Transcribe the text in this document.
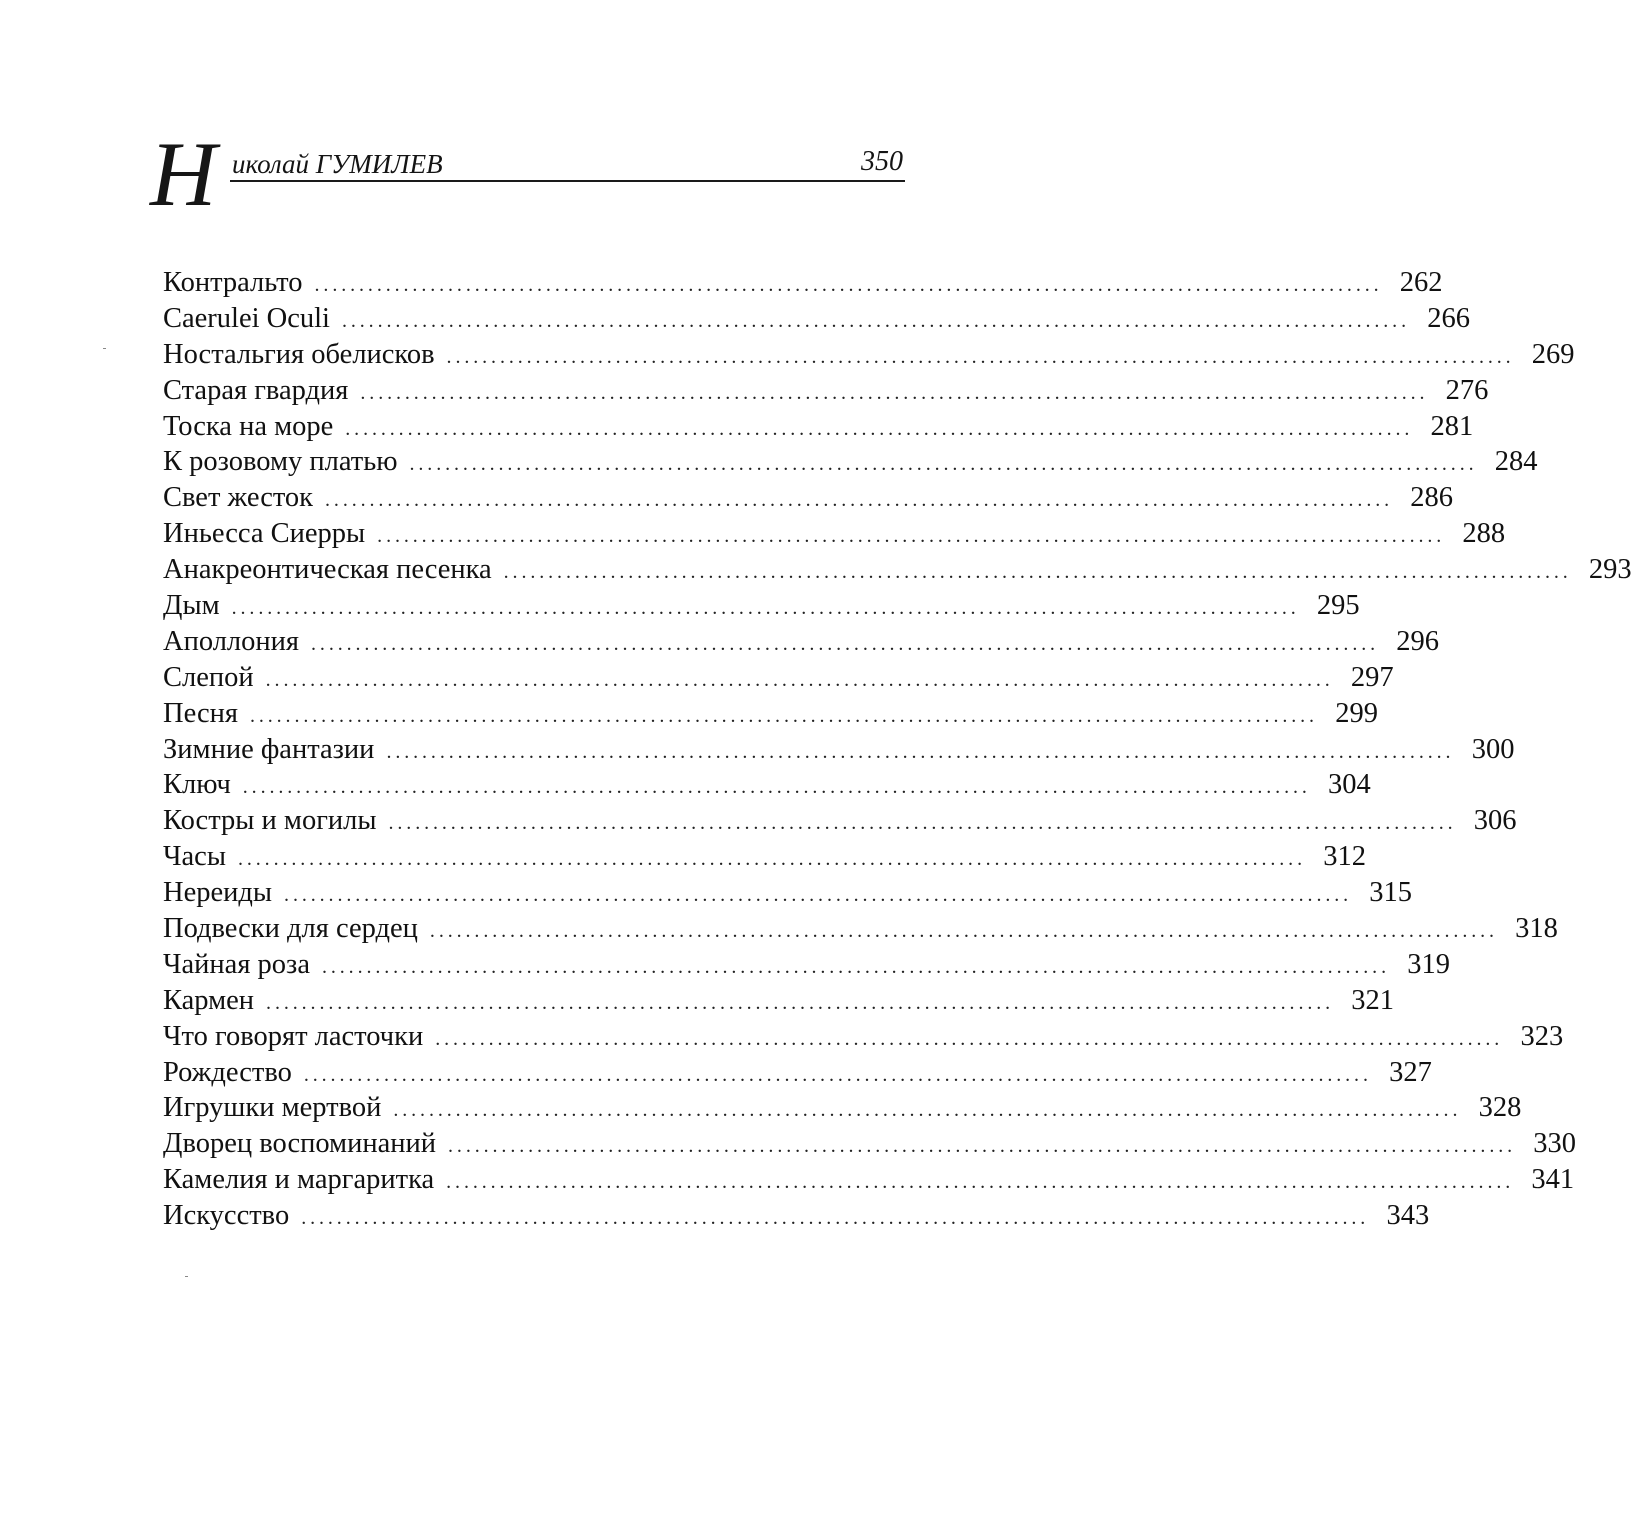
Н иколай ГУМИЛЕВ	350
Контральто ........................................................................................................................ 262
Caerulei Oculi ........................................................................................................................ 266
Ностальгия обелисков ........................................................................................................................ 269
Старая гвардия ........................................................................................................................ 276
Тоска на море ........................................................................................................................ 281
К розовому платью ........................................................................................................................ 284
Свет жесток ........................................................................................................................ 286
Иньесса Сиерры ........................................................................................................................ 288
Анакреонтическая песенка ........................................................................................................................ 293
Дым ........................................................................................................................ 295
Аполлония ........................................................................................................................ 296
Слепой ........................................................................................................................ 297
Песня ........................................................................................................................ 299
Зимние фантазии ........................................................................................................................ 300
Ключ ........................................................................................................................ 304
Костры и могилы ........................................................................................................................ 306
Часы ........................................................................................................................ 312
Нереиды ........................................................................................................................ 315
Подвески для сердец ........................................................................................................................ 318
Чайная роза ........................................................................................................................ 319
Кармен ........................................................................................................................ 321
Что говорят ласточки ........................................................................................................................ 323
Рождество ........................................................................................................................ 327
Игрушки мертвой ........................................................................................................................ 328
Дворец воспоминаний ........................................................................................................................ 330
Камелия и маргаритка ........................................................................................................................ 341
Искусство ........................................................................................................................ 343
